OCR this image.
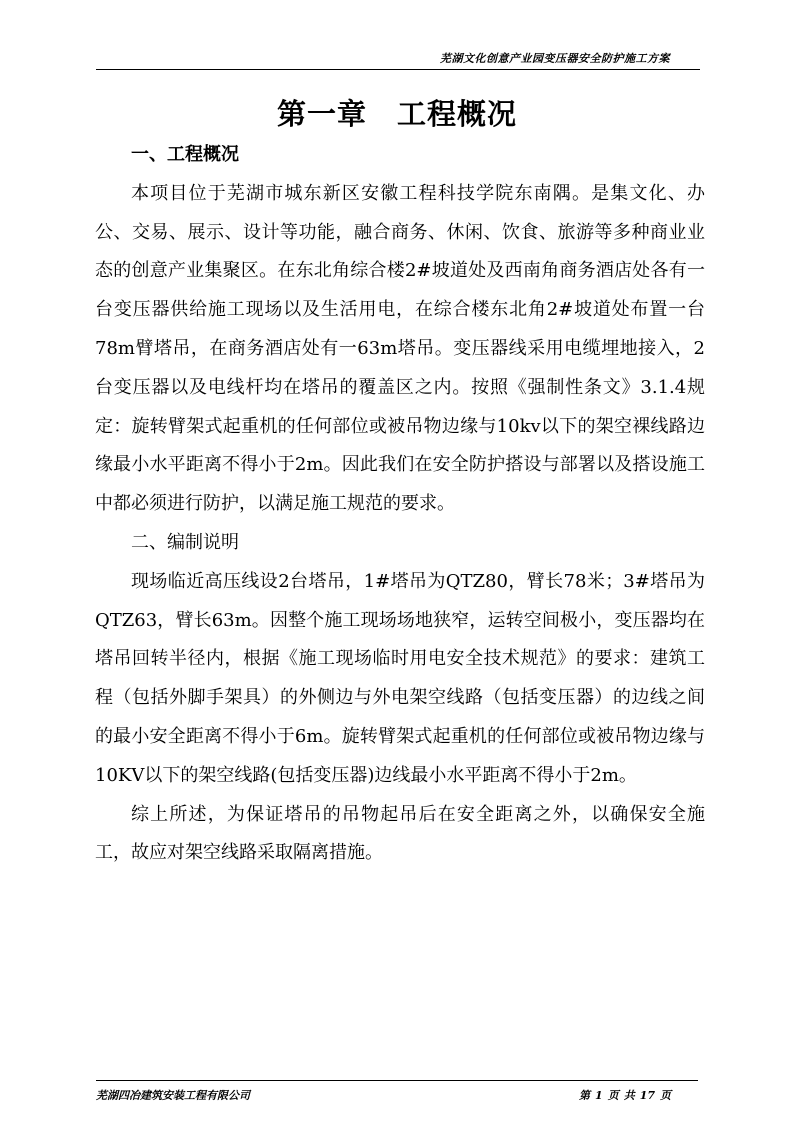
芜湖文化创意产业园变压器安全防护施工方案
第一章　工程概况
一、工程概况

本项目位于芜湖市城东新区安徽工程科技学院东南隅。是集文化、办公、交易、展示、设计等功能，融合商务、休闲、饮食、旅游等多种商业业态的创意产业集聚区。在东北角综合楼2#坡道处及西南角商务酒店处各有一台变压器供给施工现场以及生活用电，在综合楼东北角2#坡道处布置一台78m臂塔吊，在商务酒店处有一63m塔吊。变压器线采用电缆埋地接入，2台变压器以及电线杆均在塔吊的覆盖区之内。按照《强制性条文》3.1.4规定：旋转臂架式起重机的任何部位或被吊物边缘与10kv以下的架空裸线路边缘最小水平距离不得小于2m。因此我们在安全防护搭设与部署以及搭设施工中都必须进行防护，以满足施工规范的要求。

二、编制说明

现场临近高压线设2台塔吊，1#塔吊为QTZ80，臂长78米；3#塔吊为QTZ63，臂长63m。因整个施工现场场地狭窄，运转空间极小，变压器均在塔吊回转半径内，根据《施工现场临时用电安全技术规范》的要求：建筑工程（包括外脚手架具）的外侧边与外电架空线路（包括变压器）的边线之间的最小安全距离不得小于6m。旋转臂架式起重机的任何部位或被吊物边缘与10KV以下的架空线路(包括变压器)边线最小水平距离不得小于2m。

综上所述，为保证塔吊的吊物起吊后在安全距离之外，以确保安全施工，故应对架空线路采取隔离措施。

芜湖四冶建筑安装工程有限公司	第 1 页 共 17 页
